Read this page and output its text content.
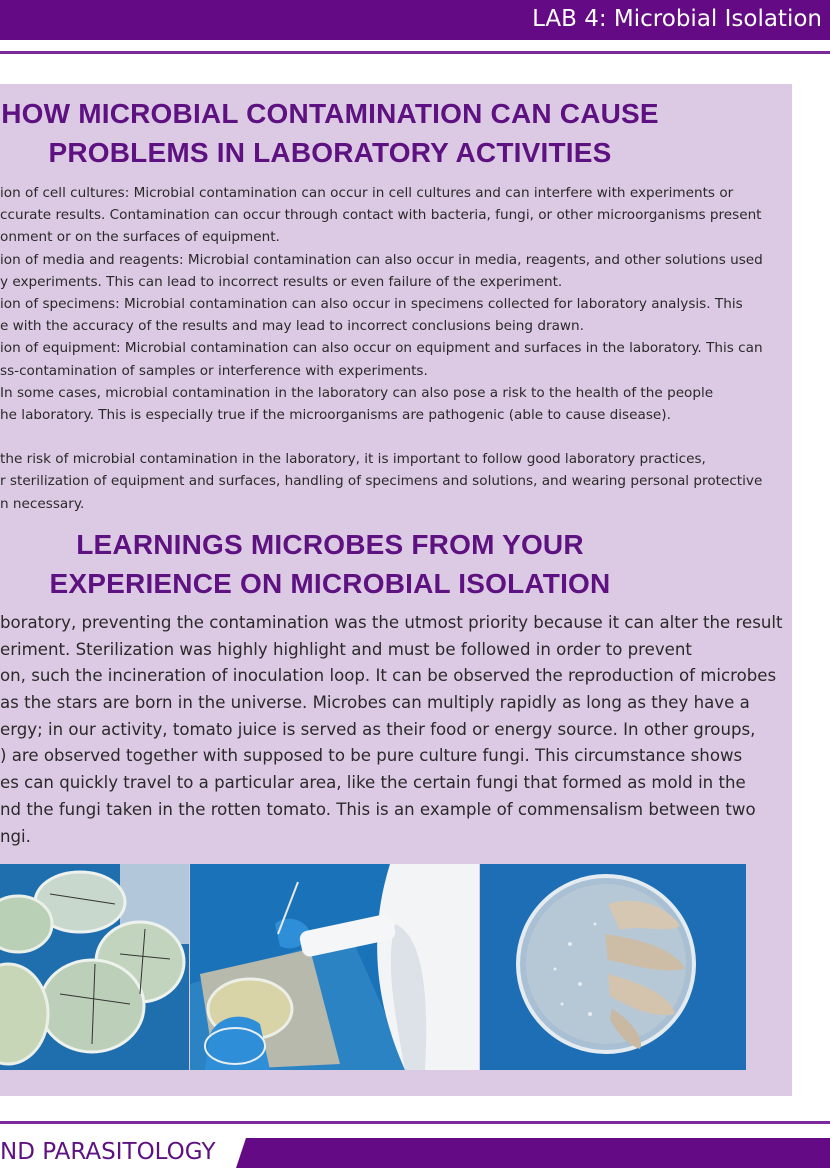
LAB 4: Microbial Isolation
HOW MICROBIAL CONTAMINATION CAN CAUSE
PROBLEMS IN LABORATORY ACTIVITIES
ion of cell cultures: Microbial contamination can occur in cell cultures and can interfere with experiments or
ccurate results. Contamination can occur through contact with bacteria, fungi, or other microorganisms present
onment or on the surfaces of equipment.
ion of media and reagents: Microbial contamination can also occur in media, reagents, and other solutions used
y experiments. This can lead to incorrect results or even failure of the experiment.
ion of specimens: Microbial contamination can also occur in specimens collected for laboratory analysis. This
e with the accuracy of the results and may lead to incorrect conclusions being drawn.
ion of equipment: Microbial contamination can also occur on equipment and surfaces in the laboratory. This can
ss-contamination of samples or interference with experiments.
In some cases, microbial contamination in the laboratory can also pose a risk to the health of the people
he laboratory. This is especially true if the microorganisms are pathogenic (able to cause disease).
the risk of microbial contamination in the laboratory, it is important to follow good laboratory practices,
r sterilization of equipment and surfaces, handling of specimens and solutions, and wearing personal protective
n necessary.
LEARNINGS MICROBES FROM YOUR
EXPERIENCE ON MICROBIAL ISOLATION
boratory, preventing the contamination was the utmost priority because it can alter the result
eriment. Sterilization was highly highlight and must be followed in order to prevent
on, such the incineration of inoculation loop. It can be observed the reproduction of microbes
as the stars are born in the universe. Microbes can multiply rapidly as long as they have a
ergy; in our activity, tomato juice is served as their food or energy source. In other groups,
) are observed together with supposed to be pure culture fungi. This circumstance shows
es can quickly travel to a particular area, like the certain fungi that formed as mold in the
nd the fungi taken in the rotten tomato. This is an example of commensalism between two
ngi.
ND PARASITOLOGY
